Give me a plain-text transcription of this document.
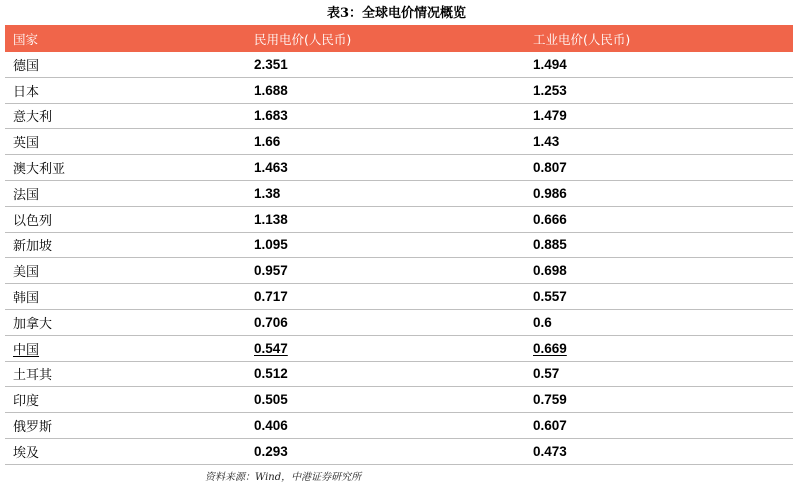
表3：全球电价情况概览
国家	民用电价(人民币)	工业电价(人民币)
德国	2.351	1.494
日本	1.688	1.253
意大利	1.683	1.479
英国	1.66	1.43
澳大利亚	1.463	0.807
法国	1.38	0.986
以色列	1.138	0.666
新加坡	1.095	0.885
美国	0.957	0.698
韩国	0.717	0.557
加拿大	0.706	0.6
中国	0.547	0.669
土耳其	0.512	0.57
印度	0.505	0.759
俄罗斯	0.406	0.607
埃及	0.293	0.473
资料来源：Wind，中港证券研究所
